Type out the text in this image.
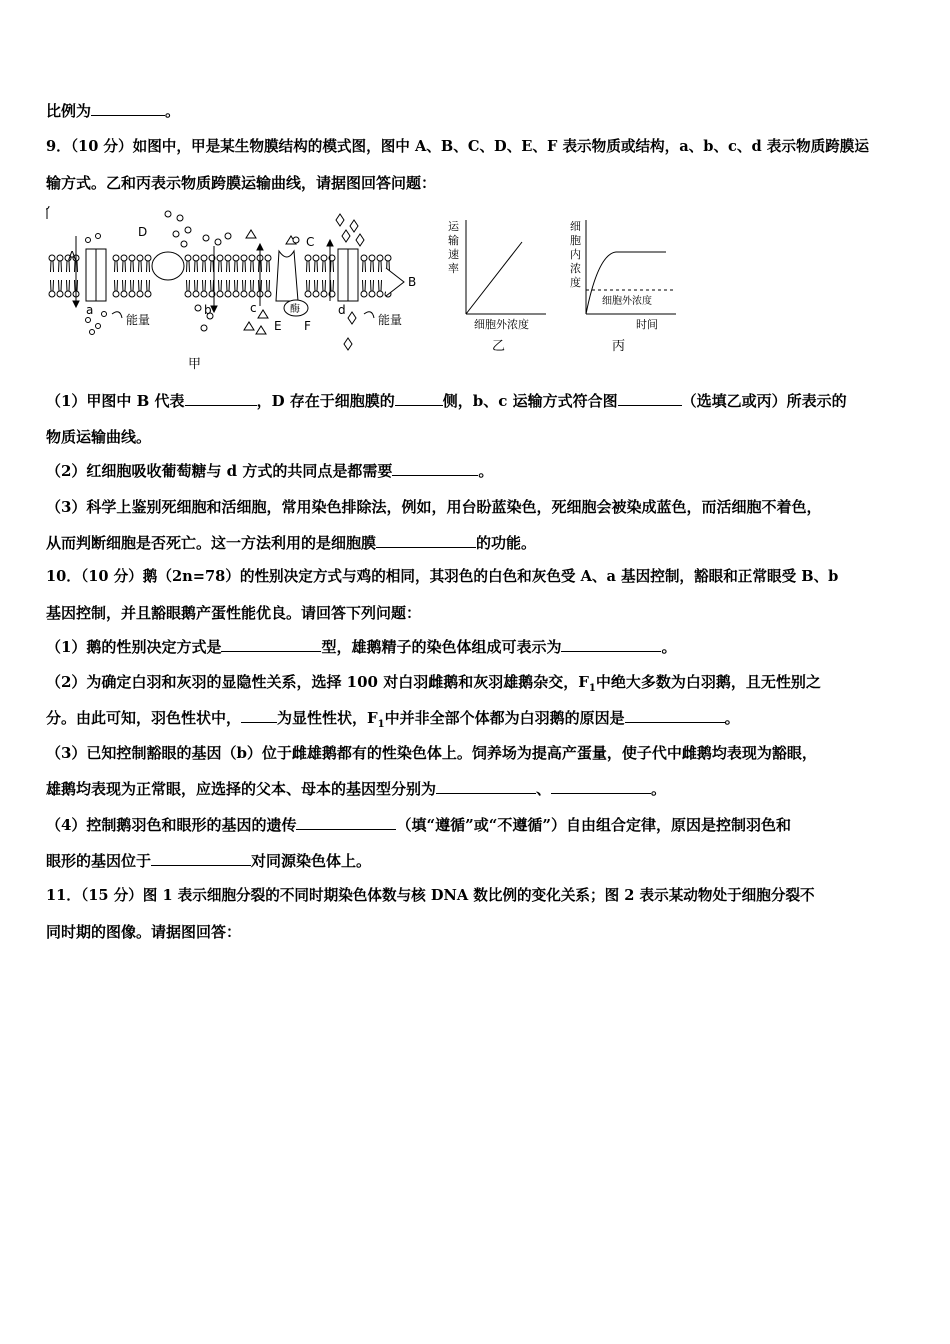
比例为	。
9．（10 分）如图中，甲是某生物膜结构的模式图，图中 A、B、C、D、E、F 表示物质或结构，a、b、c、d 表示物质跨膜运
输方式。乙和丙表示物质跨膜运输曲线，请据图回答问题：
酶
A
B
C
D
E F
a	b	c	d
能量	能量
甲
运
输
速
率
细胞外浓度
乙
细
胞
内
浓
度
细胞外浓度
时间
丙
（1）甲图中 B 代表	，D 存在于细胞膜的	侧，b、c 运输方式符合图	（选填乙或丙）所表示的
物质运输曲线。
（2）红细胞吸收葡萄糖与 d 方式的共同点是都需要	。
（3）科学上鉴别死细胞和活细胞，常用染色排除法，例如，用台盼蓝染色，死细胞会被染成蓝色，而活细胞不着色，
从而判断细胞是否死亡。这一方法利用的是细胞膜	的功能。
10．（10 分）鹅（2n=78）的性别决定方式与鸡的相同，其羽色的白色和灰色受 A、a 基因控制，豁眼和正常眼受 B、b
基因控制，并且豁眼鹅产蛋性能优良。请回答下列问题：
（1）鹅的性别决定方式是	型，雄鹅精子的染色体组成可表示为	。
（2）为确定白羽和灰羽的显隐性关系，选择 100 对白羽雌鹅和灰羽雄鹅杂交，$F_1$中绝大多数为白羽鹅，且无性别之
分。由此可知，羽色性状中， 为显性性状，$F_1$中并非全部个体都为白羽鹅的原因是	。
（3）已知控制豁眼的基因（b）位于雌雄鹅都有的性染色体上。饲养场为提高产蛋量，使子代中雌鹅均表现为豁眼，
雄鹅均表现为正常眼，应选择的父本、母本的基因型分别为	、	。
（4）控制鹅羽色和眼形的基因的遗传	（填“遵循”或“不遵循”）自由组合定律，原因是控制羽色和
眼形的基因位于	对同源染色体上。
11．（15 分）图 1 表示细胞分裂的不同时期染色体数与核 DNA 数比例的变化关系；图 2 表示某动物处于细胞分裂不
同时期的图像。请据图回答：
